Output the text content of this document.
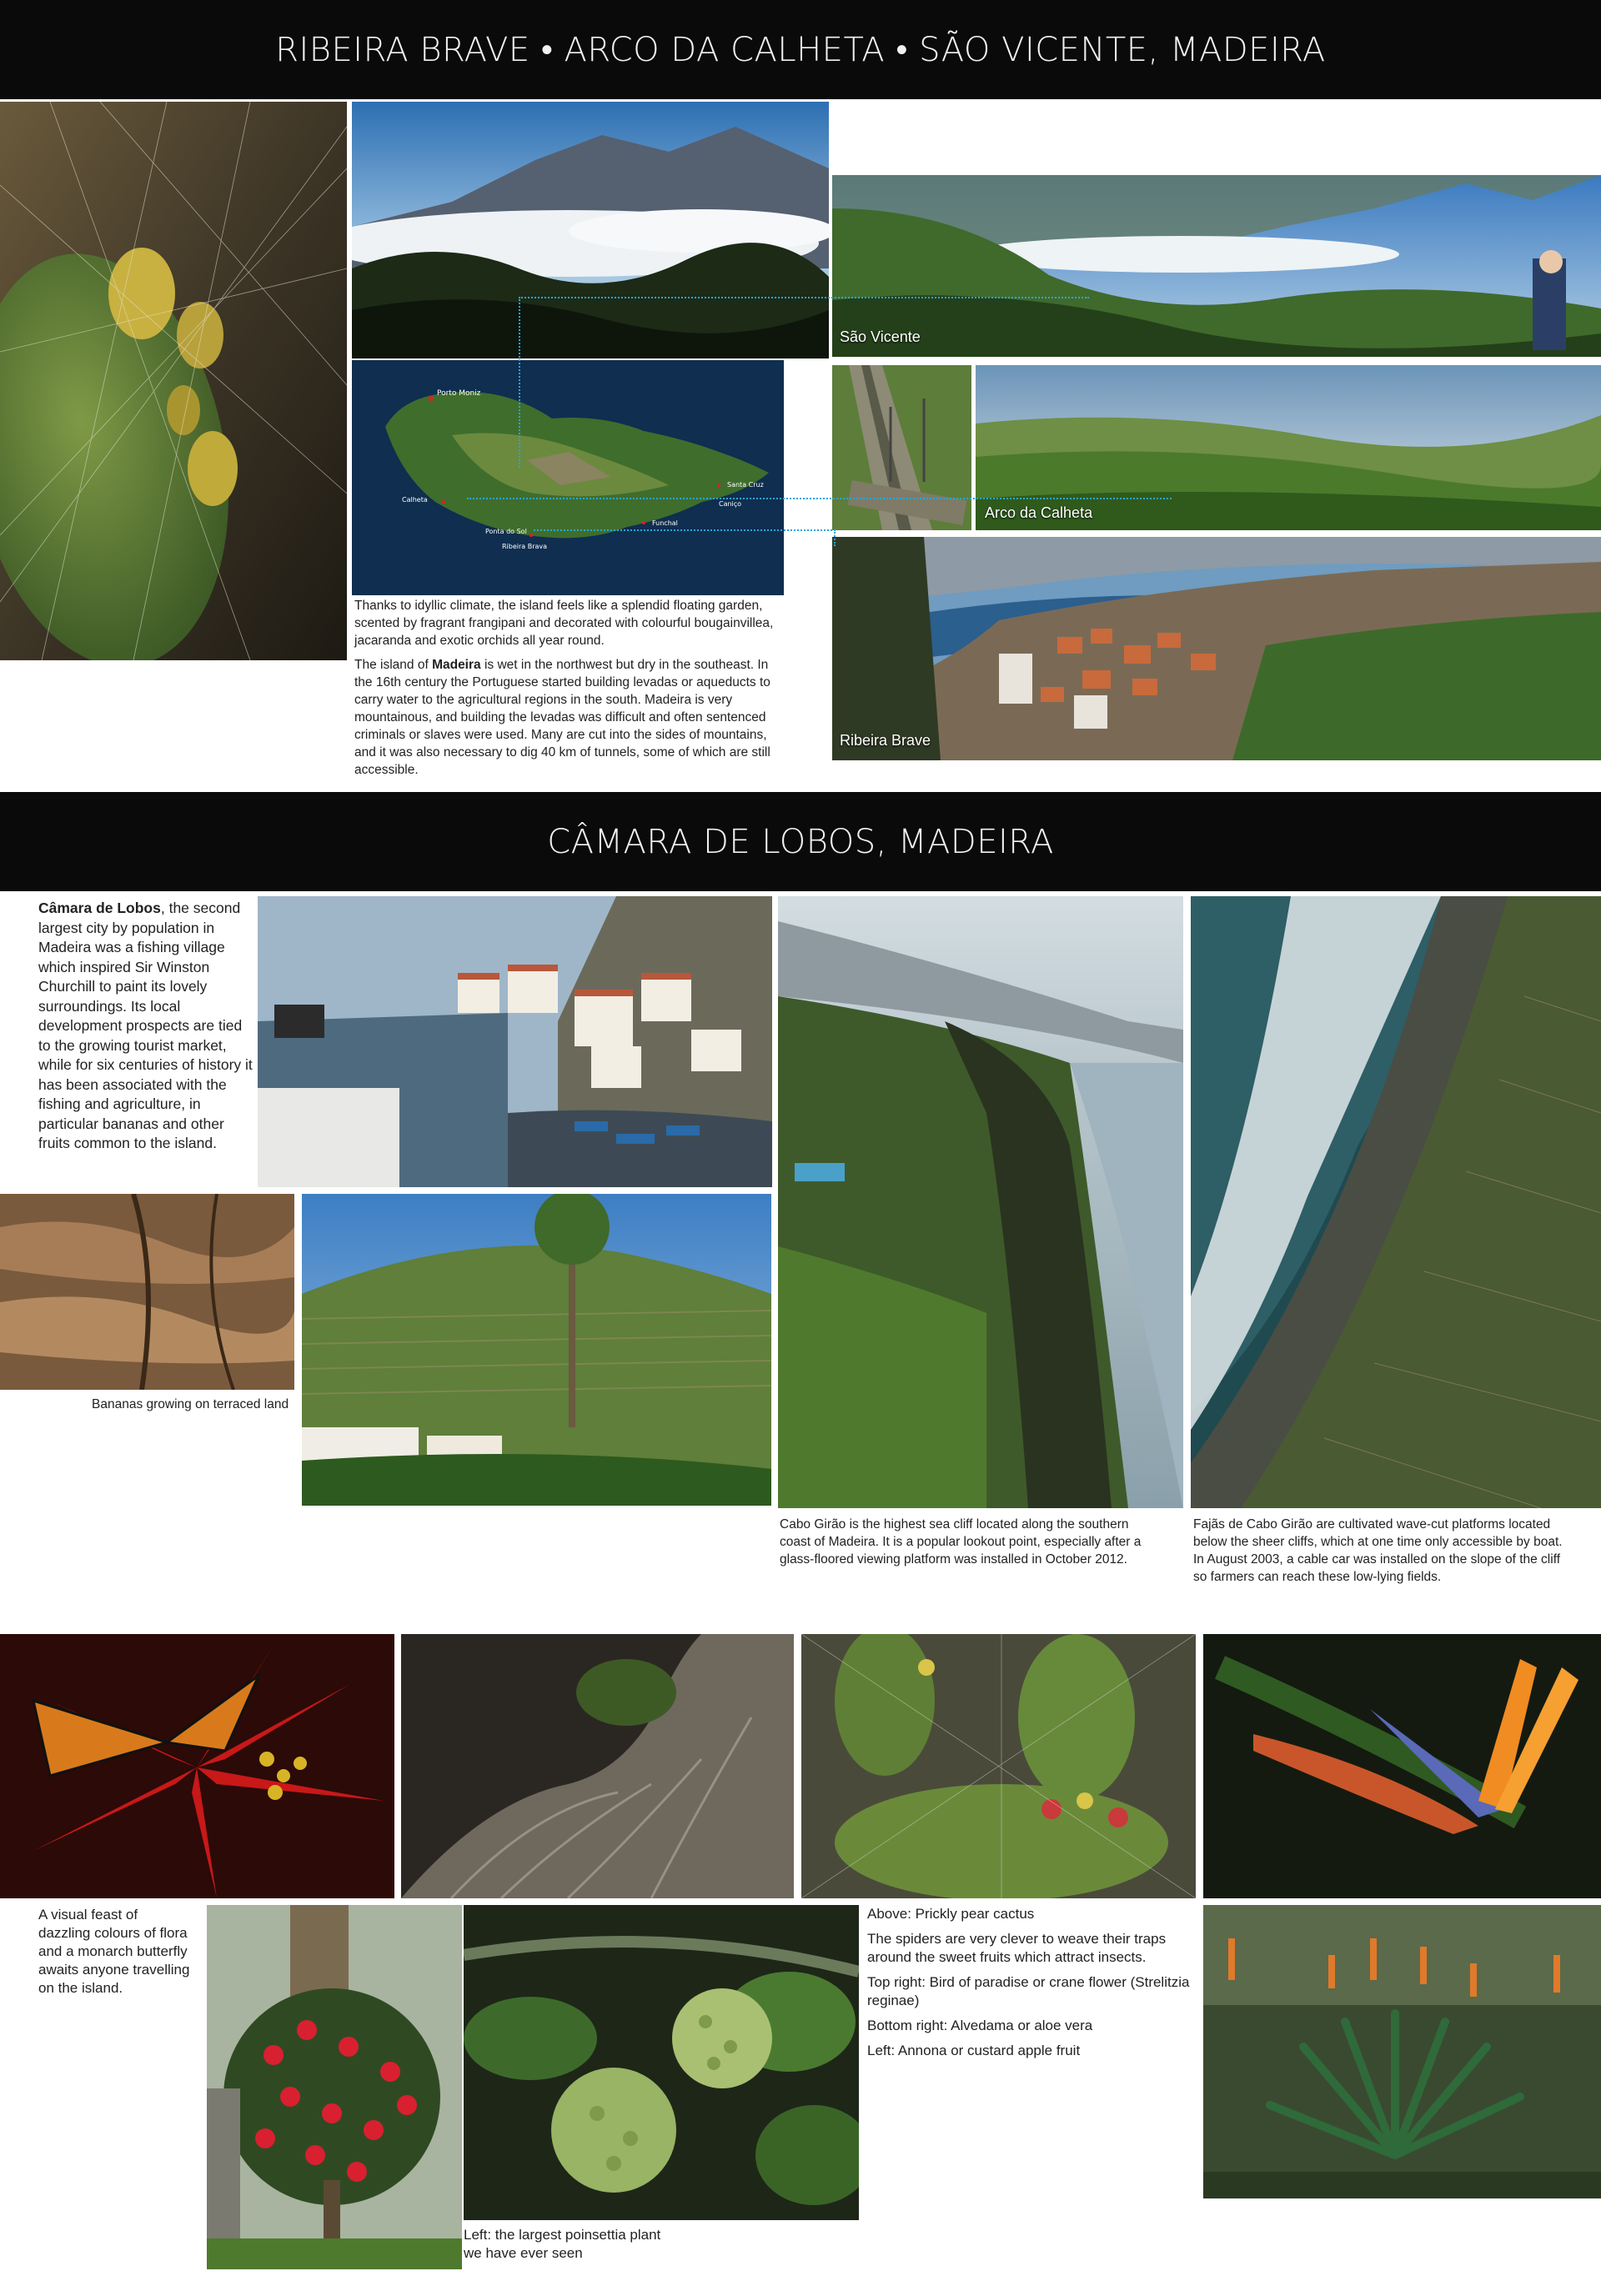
RIBEIRA BRAVE • ARCO DA CALHETA • SÃO VICENTE, MADEIRA
Porto Moniz
Calheta
Funchal
Santa Cruz
Caniço
Ribeira Brava
Ponta do Sol

Thanks to idyllic climate, the island feels like a splendid floating garden, scented by fragrant frangipani and decorated with colourful bougainvillea, jacaranda and exotic orchids all year round.

The island of Madeira is wet in the northwest but dry in the southeast. In the 16th century the Portuguese started building levadas or aqueducts to carry water to the agricultural regions in the south. Madeira is very mountainous, and building the levadas was difficult and often sentenced criminals or slaves were used. Many are cut into the sides of mountains, and it was also necessary to dig 40 km of tunnels, some of which are still accessible.

São Vicente
Arco da Calheta
Ribeira Brave
CÂMARA DE LOBOS, MADEIRA
Câmara de Lobos, the second largest city by population in Madeira was a fishing village which inspired Sir Winston Churchill to paint its lovely surroundings. Its local development prospects are tied to the growing tourist market, while for six centuries of history it has been associated with the fishing and agriculture, in particular bananas and other fruits common to the island.
Bananas growing on terraced land
Cabo Girão is the highest sea cliff located along the southern coast of Madeira. It is a popular lookout point, especially after a glass-floored viewing platform was installed in October 2012.
Fajãs de Cabo Girão are cultivated wave-cut platforms located below the sheer cliffs, which at one time only accessible by boat. In August 2003, a cable car was installed on the slope of the cliff so farmers can reach these low-lying fields.
A visual feast of dazzling colours of flora and a monarch butterfly awaits anyone travelling on the island.
Left: the largest poinsettia plant
we have ever seen

Above: Prickly pear cactus

The spiders are very clever to weave their traps around the sweet fruits which attract insects.

Top right: Bird of paradise or crane flower (Strelitzia reginae)

Bottom right: Alvedama or aloe vera

Left: Annona or custard apple fruit
